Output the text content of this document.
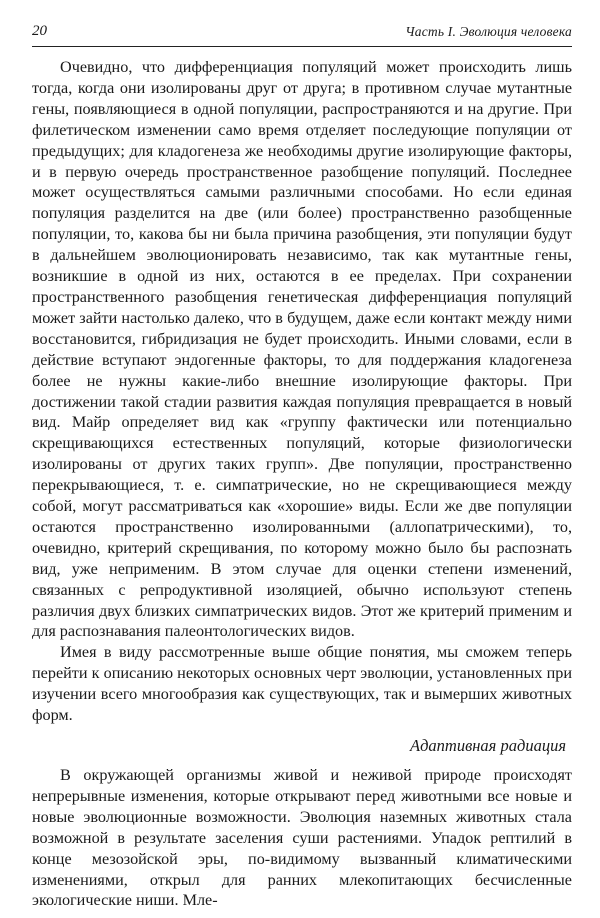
20	Часть I. Эволюция человека

Очевидно, что дифференциация популяций может происходить лишь тогда, когда они изолированы друг от друга; в противном случае мутантные гены, появляющиеся в одной популяции, распространяются и на другие. При филетическом изменении само время отделяет последующие популяции от предыдущих; для кладогенеза же необходимы другие изолирующие факторы, и в первую очередь пространственное разобщение популяций. Последнее может осуществляться самыми различными способами. Но если единая популяция разделится на две (или более) пространственно разобщенные популяции, то, какова бы ни была причина разобщения, эти популяции будут в дальнейшем эволюционировать независимо, так как мутантные гены, возникшие в одной из них, остаются в ее пределах. При сохранении пространственного разобщения генетическая дифференциация популяций может зайти настолько далеко, что в будущем, даже если контакт между ними восстановится, гибридизация не будет происходить. Иными словами, если в действие вступают эндогенные факторы, то для поддержания кладогенеза более не нужны какие-либо внешние изолирующие факторы. При достижении такой стадии развития каждая популяция превращается в новый вид. Майр определяет вид как «группу фактически или потенциально скрещивающихся естественных популяций, которые физиологически изолированы от других таких групп». Две популяции, пространственно перекрывающиеся, т. е. симпатрические, но не скрещивающиеся между собой, могут рассматриваться как «хорошие» виды. Если же две популяции остаются пространственно изолированными (аллопатрическими), то, очевидно, критерий скрещивания, по которому можно было бы распознать вид, уже неприменим. В этом случае для оценки степени изменений, связанных с репродуктивной изоляцией, обычно используют степень различия двух близких симпатрических видов. Этот же критерий применим и для распознавания палеонтологических видов.

Имея в виду рассмотренные выше общие понятия, мы сможем теперь перейти к описанию некоторых основных черт эволюции, установленных при изучении всего многообразия как существующих, так и вымерших животных форм.

Адаптивная радиация

В окружающей организмы живой и неживой природе происходят непрерывные изменения, которые открывают перед животными все новые и новые эволюционные возможности. Эволюция наземных животных стала возможной в результате заселения суши растениями. Упадок рептилий в конце мезозойской эры, по-видимому вызванный климатическими изменениями, открыл для ранних млекопитающих бесчисленные экологические ниши. Мле-
